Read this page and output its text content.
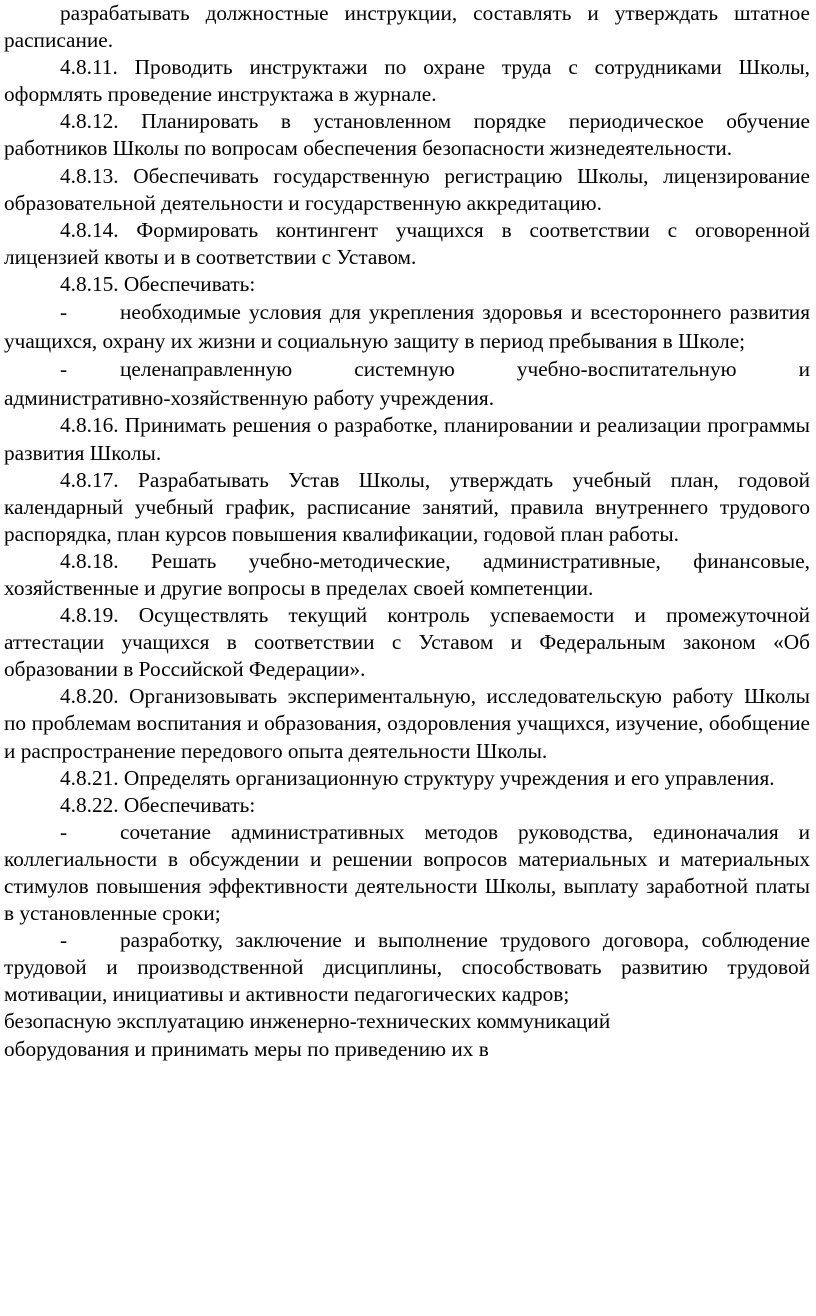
разрабатывать должностные инструкции, составлять и утверждать штатное расписание.

4.8.11. Проводить инструктажи по охране труда с сотрудниками Школы, оформлять проведение инструктажа в журнале.

4.8.12. Планировать в установленном порядке периодическое обучение работников Школы по вопросам обеспечения безопасности жизнедеятельности.

4.8.13. Обеспечивать государственную регистрацию Школы, лицензирование образовательной деятельности и государственную аккредитацию.

4.8.14. Формировать контингент учащихся в соответствии с оговоренной лицензией квоты и в соответствии с Уставом.

4.8.15. Обеспечивать:

- необходимые условия для укрепления здоровья и всестороннего развития учащихся, охрану их жизни и социальную защиту в период пребывания в Школе;

- целенаправленную системную учебно-воспитательную и административно-хозяйственную работу учреждения.

4.8.16. Принимать решения о разработке, планировании и реализации программы развития Школы.

4.8.17. Разрабатывать Устав Школы, утверждать учебный план, годовой календарный учебный график, расписание занятий, правила внутреннего трудового распорядка, план курсов повышения квалификации, годовой план работы.

4.8.18. Решать учебно-методические, административные, финансовые, хозяйственные и другие вопросы в пределах своей компетенции.

4.8.19. Осуществлять текущий контроль успеваемости и промежуточной аттестации учащихся в соответствии с Уставом и Федеральным законом «Об образовании в Российской Федерации».

4.8.20. Организовывать экспериментальную, исследовательскую работу Школы по проблемам воспитания и образования, оздоровления учащихся, изучение, обобщение и распространение передового опыта деятельности Школы.

4.8.21. Определять организационную структуру учреждения и его управления.

4.8.22. Обеспечивать:

- сочетание административных методов руководства, единоначалия и коллегиальности в обсуждении и решении вопросов материальных и материальных стимулов повышения эффективности деятельности Школы, выплату заработной платы в установленные сроки;

- разработку, заключение и выполнение трудового договора, соблюдение трудовой и производственной дисциплины, способствовать развитию трудовой мотивации, инициативы и активности педагогических кадров;

безопасную эксплуатацию инженерно-технических коммуникаций

оборудования и принимать меры по приведению их в
